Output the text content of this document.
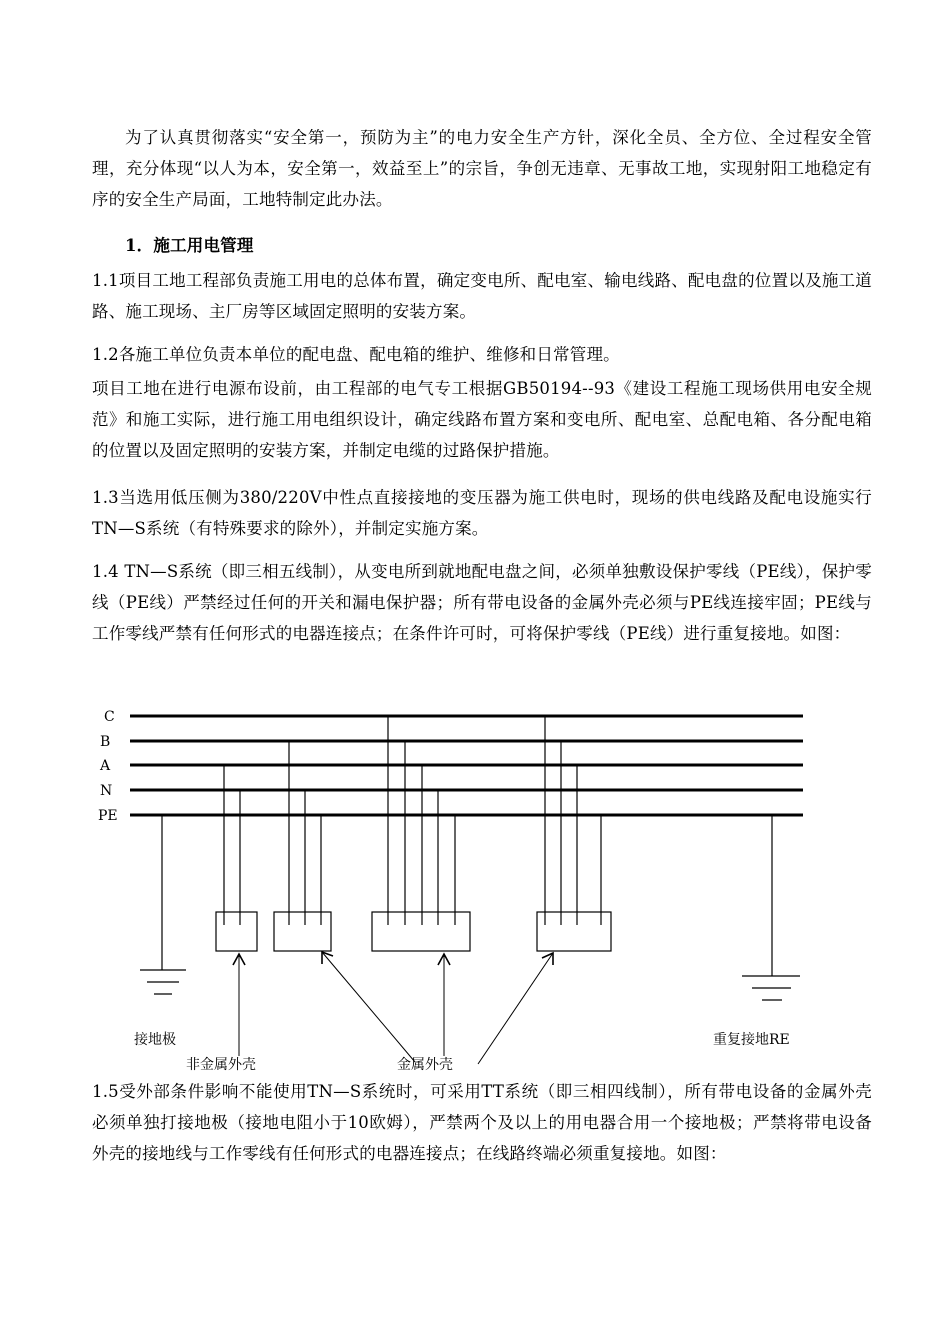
为了认真贯彻落实“安全第一，预防为主”的电力安全生产方针，深化全员、全方位、全过程安全管理，充分体现“以人为本，安全第一，效益至上”的宗旨，争创无违章、无事故工地，实现射阳工地稳定有序的安全生产局面，工地特制定此办法。

1．施工用电管理

1.1项目工地工程部负责施工用电的总体布置，确定变电所、配电室、输电线路、配电盘的位置以及施工道路、施工现场、主厂房等区域固定照明的安装方案。

1.2各施工单位负责本单位的配电盘、配电箱的维护、维修和日常管理。

项目工地在进行电源布设前，由工程部的电气专工根据GB50194--93《建设工程施工现场供用电安全规范》和施工实际，进行施工用电组织设计，确定线路布置方案和变电所、配电室、总配电箱、各分配电箱的位置以及固定照明的安装方案，并制定电缆的过路保护措施。

1.3当选用低压侧为380/220V中性点直接接地的变压器为施工供电时，现场的供电线路及配电设施实行TN—S系统（有特殊要求的除外），并制定实施方案。

1.4 TN—S系统（即三相五线制），从变电所到就地配电盘之间，必须单独敷设保护零线（PE线），保护零线（PE线）严禁经过任何的开关和漏电保护器；所有带电设备的金属外壳必须与PE线连接牢固；PE线与工作零线严禁有任何形式的电器连接点；在条件许可时，可将保护零线（PE线）进行重复接地。如图：

C
B
A
N
PE
接地极
非金属外壳	金属外壳
重复接地RE

1.5受外部条件影响不能使用TN—S系统时，可采用TT系统（即三相四线制），所有带电设备的金属外壳必须单独打接地极（接地电阻小于10欧姆），严禁两个及以上的用电器合用一个接地极；严禁将带电设备外壳的接地线与工作零线有任何形式的电器连接点；在线路终端必须重复接地。如图：
